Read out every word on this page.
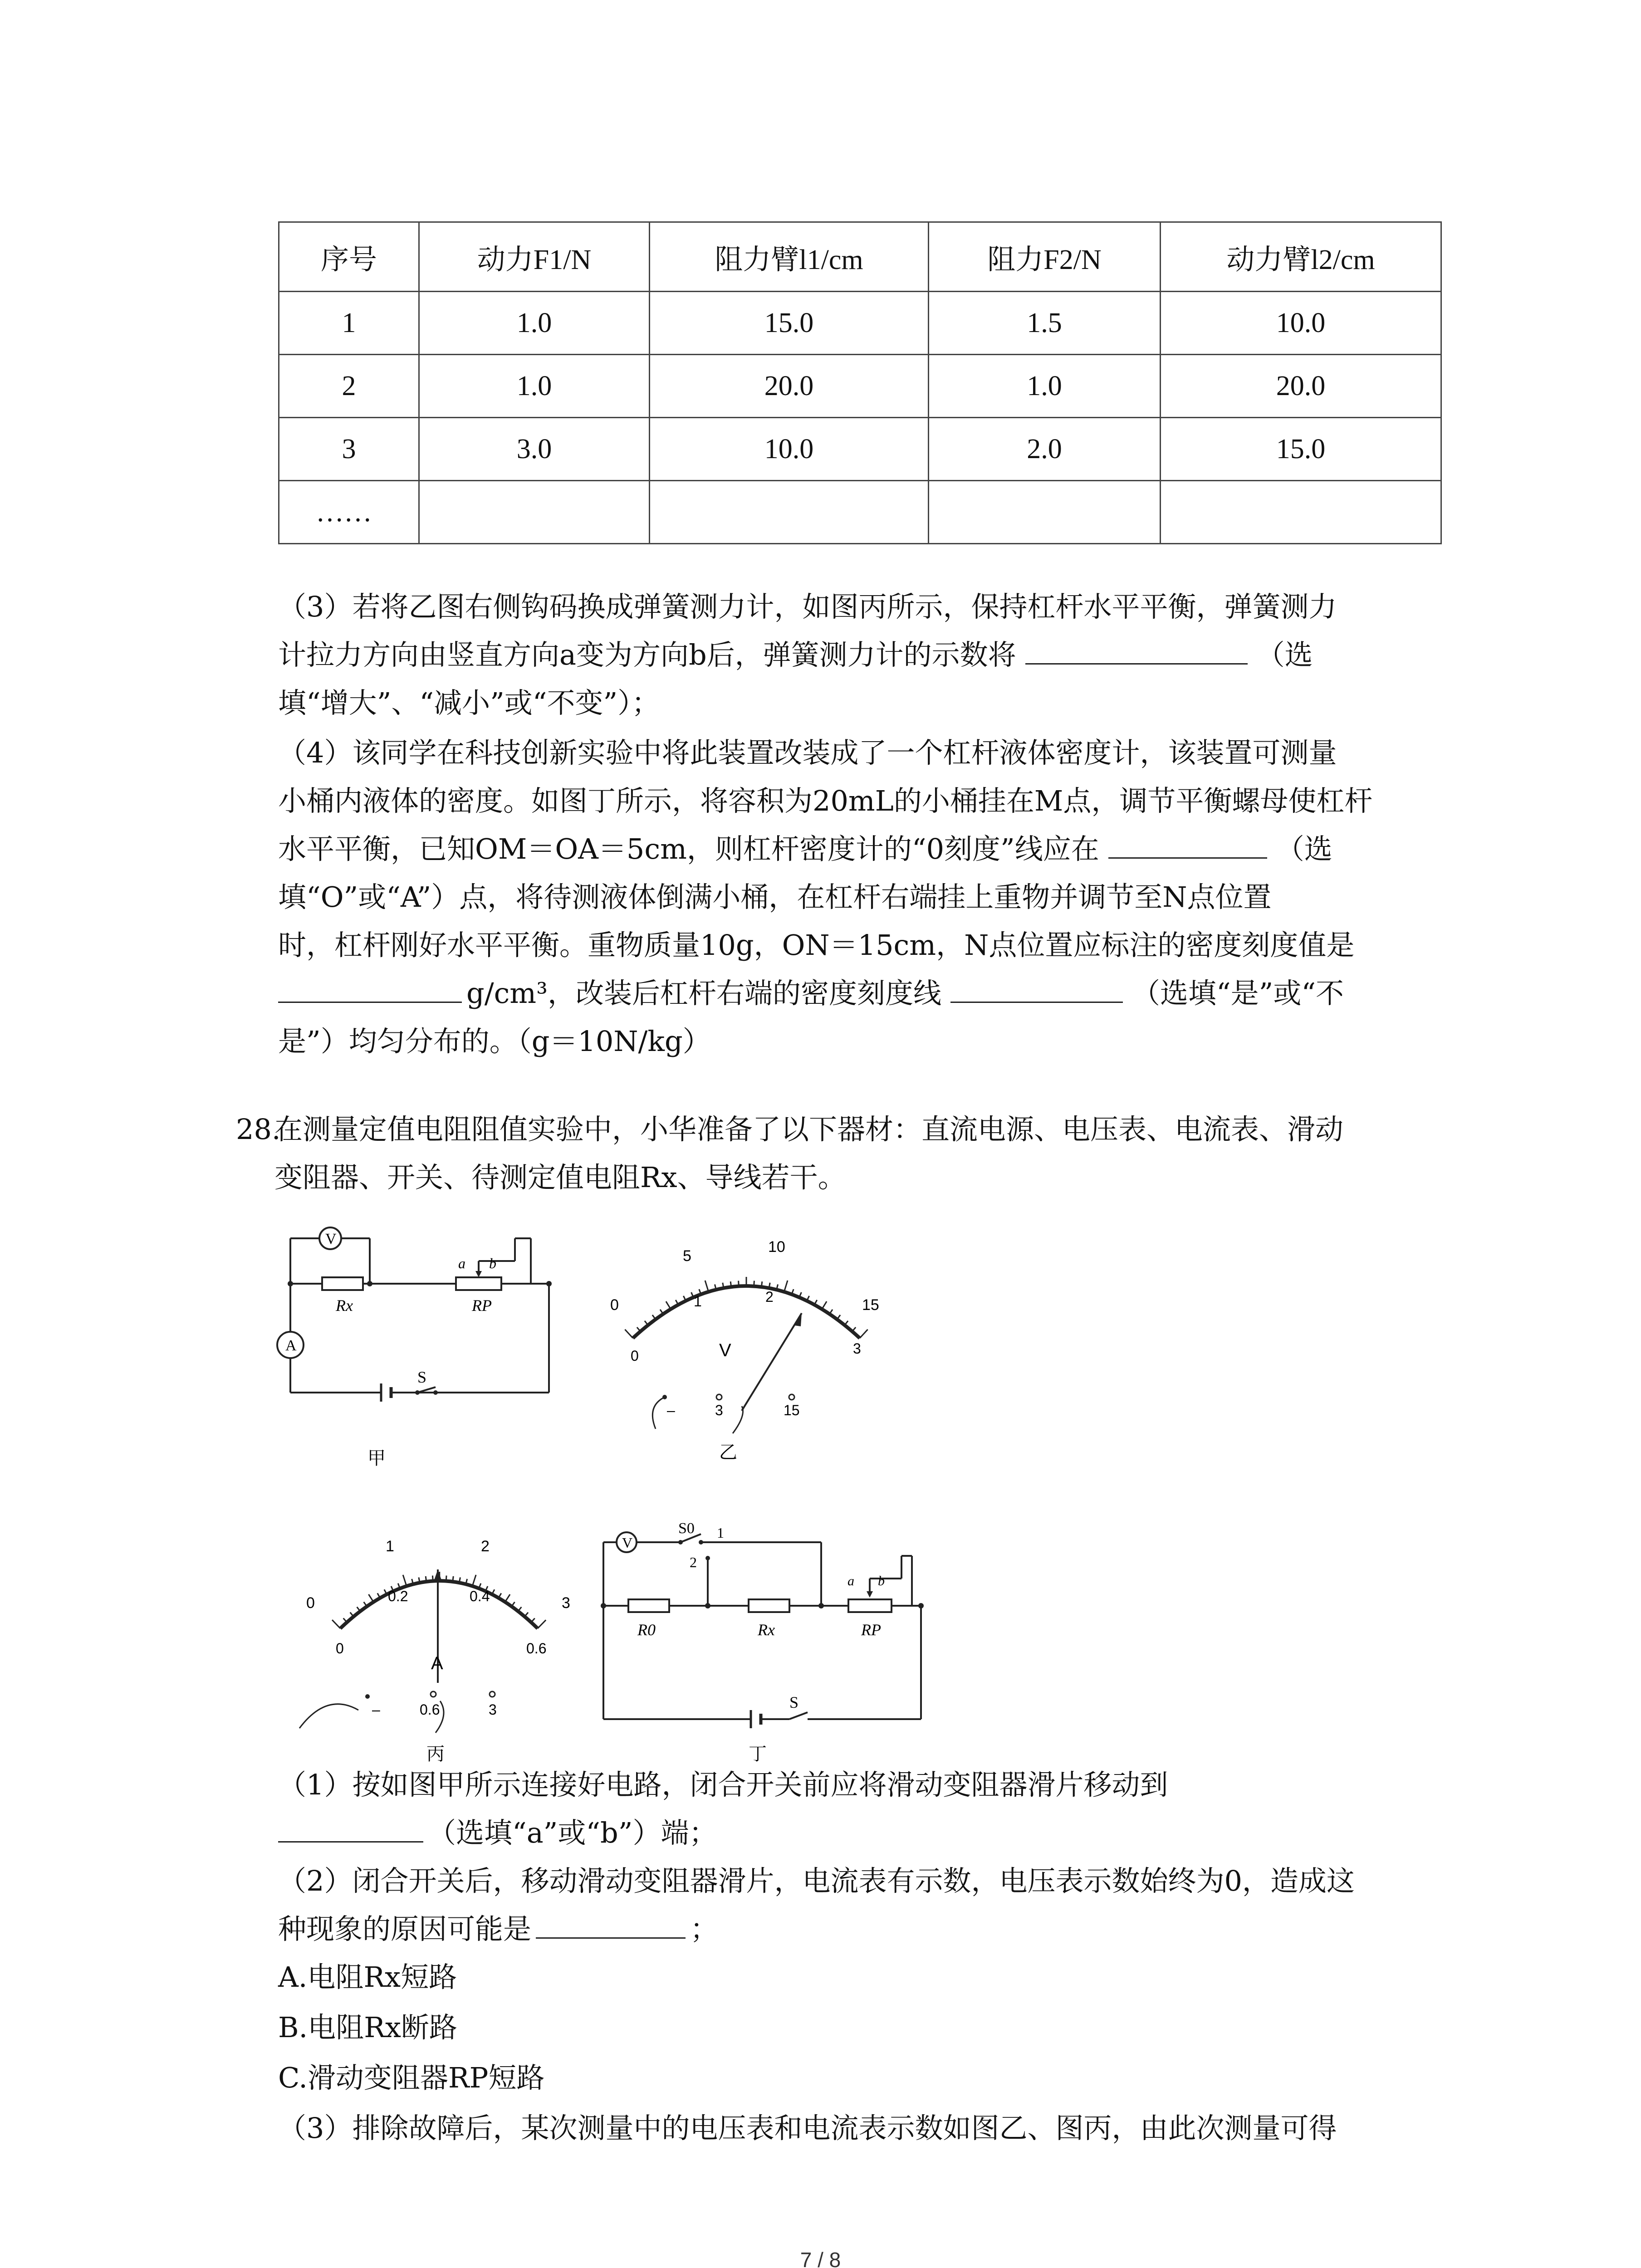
序号	动力F1/N	阻力臂l1/cm	阻力F2/N	动力臂l2/cm
1	1.0	15.0	1.5	10.0
2	1.0	20.0	1.0	20.0
3	3.0	10.0	2.0	15.0
……				
（3）若将乙图右侧钩码换成弹簧测力计，如图丙所示，保持杠杆水平平衡，弹簧测力
计拉力方向由竖直方向a变为方向b后，弹簧测力计的示数将	（选
填“增大”、“减小”或“不变”）；
（4）该同学在科技创新实验中将此装置改装成了一个杠杆液体密度计，该装置可测量
小桶内液体的密度。如图丁所示，将容积为20mL的小桶挂在M点，调节平衡螺母使杠杆
水平平衡，已知OM＝OA＝5cm，则杠杆密度计的“0刻度”线应在	（选
填“O”或“A”）点，将待测液体倒满小桶，在杠杆右端挂上重物并调节至N点位置
时，杠杆刚好水平平衡。重物质量10g，ON＝15cm，N点位置应标注的密度刻度值是
g/cm³，改装后杠杆右端的密度刻度线	（选填“是”或“不
是”）均匀分布的。（g＝10N/kg）
28.
在测量定值电阻阻值实验中，小华准备了以下器材：直流电源、电压表、电流表、滑动
变阻器、开关、待测定值电阻Rx、导线若干。
V
A
Rx	RP
a b
S
甲
0
5
10
15
0
1	2
3
V
–	3	15
乙
0
1	2
3
0
0.2	0.4
0.6
A
–	0.6	3
丙
V
S0 1
2
R0	Rx	RP
a b
S
丁
（1）按如图甲所示连接好电路，闭合开关前应将滑动变阻器滑片移动到
（选填“a”或“b”）端；
（2）闭合开关后，移动滑动变阻器滑片，电流表有示数，电压表示数始终为0，造成这
种现象的原因可能是	；
A.电阻Rx短路
B.电阻Rx断路
C.滑动变阻器RP短路
（3）排除故障后，某次测量中的电压表和电流表示数如图乙、图丙，由此次测量可得
7 / 8
